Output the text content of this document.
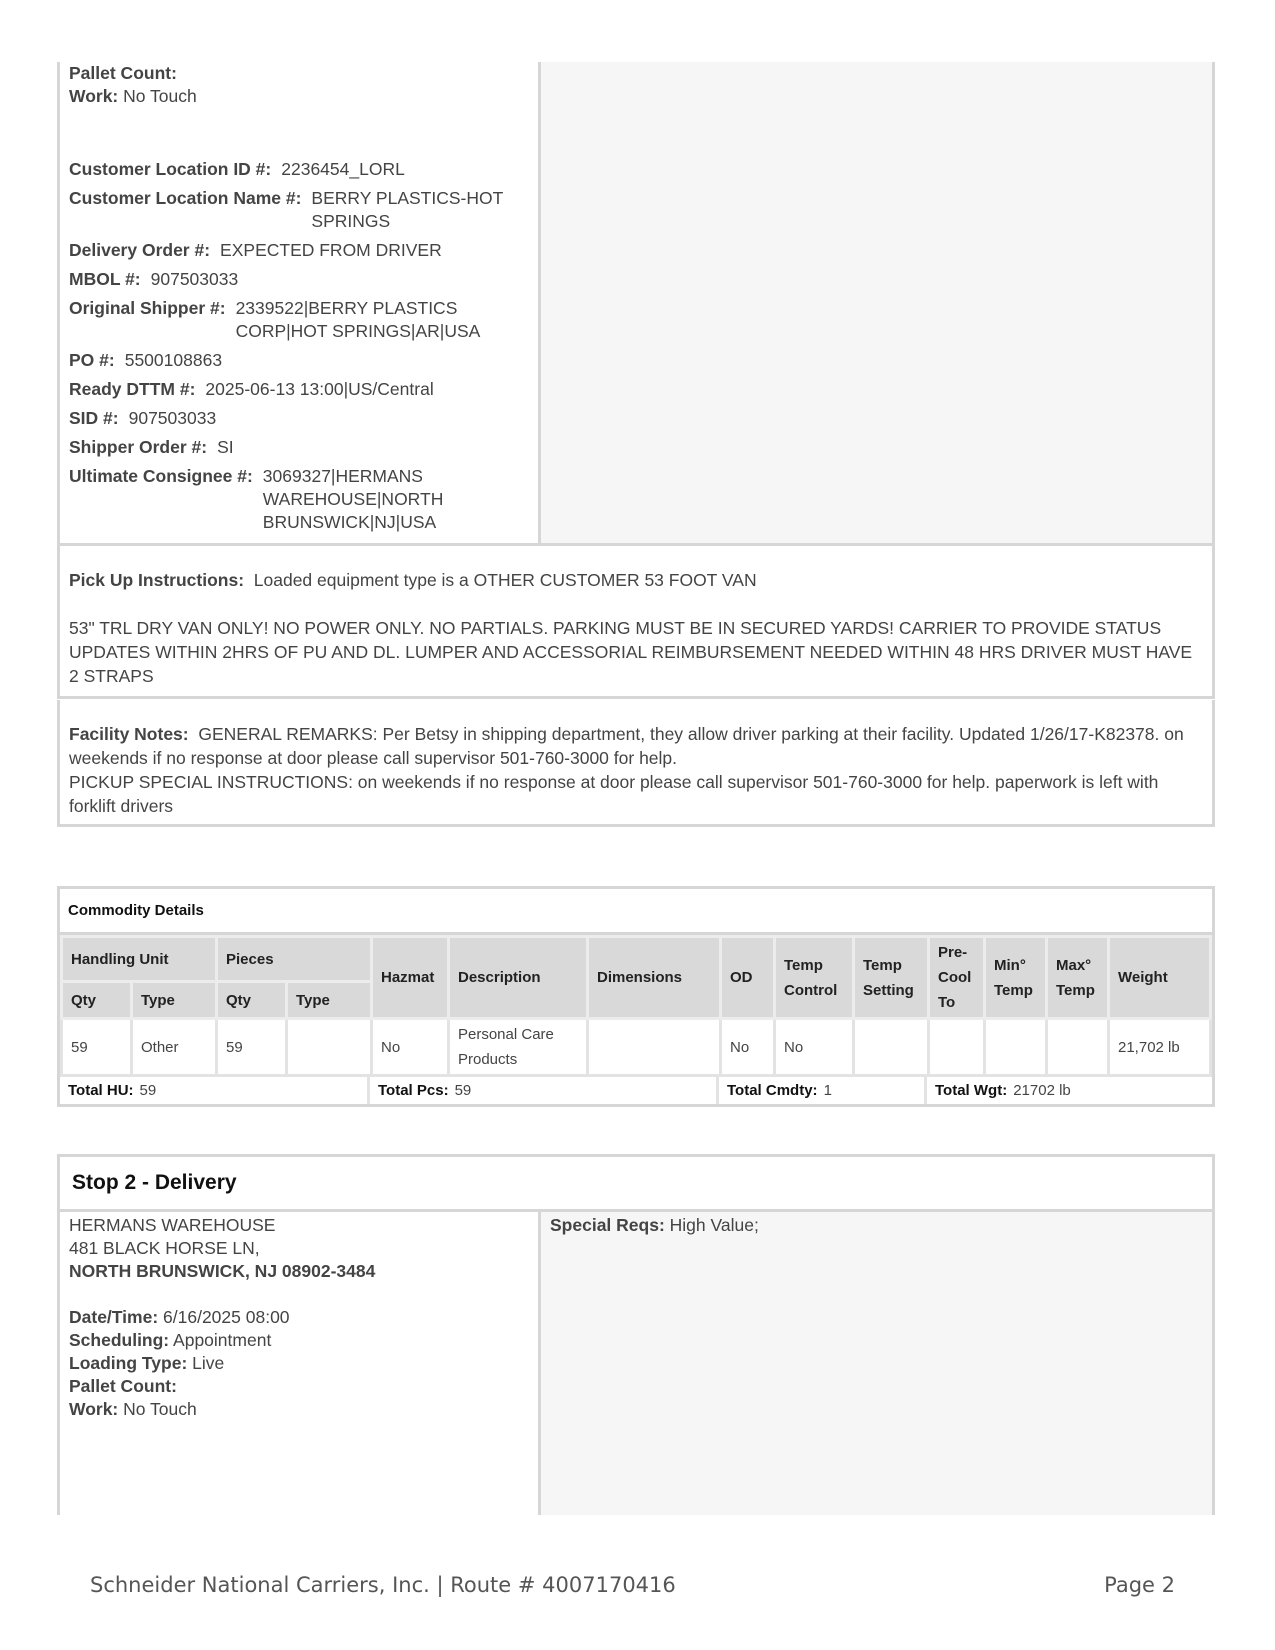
Pallet Count:
Work: No Touch
Customer Location ID #: 2236454_LORL
Customer Location Name #: BERRY PLASTICS-HOT SPRINGS
Delivery Order #: EXPECTED FROM DRIVER
MBOL #: 907503033
Original Shipper #: 2339522|BERRY PLASTICS CORP|HOT SPRINGS|AR|USA
PO #: 5500108863
Ready DTTM #: 2025-06-13 13:00|US/Central
SID #: 907503033
Shipper Order #: SI
Ultimate Consignee #: 3069327|HERMANS WAREHOUSE|NORTH BRUNSWICK|NJ|USA

Pick Up Instructions: Loaded equipment type is a OTHER CUSTOMER 53 FOOT VAN

53" TRL DRY VAN ONLY! NO POWER ONLY. NO PARTIALS. PARKING MUST BE IN SECURED YARDS! CARRIER TO PROVIDE STATUS UPDATES WITHIN 2HRS OF PU AND DL. LUMPER AND ACCESSORIAL REIMBURSEMENT NEEDED WITHIN 48 HRS DRIVER MUST HAVE 2 STRAPS

Facility Notes: GENERAL REMARKS: Per Betsy in shipping department, they allow driver parking at their facility. Updated 1/26/17-K82378. on weekends if no response at door please call supervisor 501-760-3000 for help.

PICKUP SPECIAL INSTRUCTIONS: on weekends if no response at door please call supervisor 501-760-3000 for help. paperwork is left with forklift drivers

Commodity Details
Handling Unit		Pieces		Hazmat	Description	Dimensions	OD	Temp Control	Temp Setting	Pre-Cool To	Min° Temp	Max° Temp	Weight
Qty	Type	Qty	Type										
59	Other	59		No	Personal Care Products		No	No					21,702 lb
Total HU: 59	Total Pcs: 59	Total Cmdty: 1	Total Wgt: 21702 lb
Stop 2 - Delivery
HERMANS WAREHOUSE
481 BLACK HORSE LN,
NORTH BRUNSWICK, NJ 08902-3484
Date/Time: 6/16/2025 08:00
Scheduling: Appointment
Loading Type: Live
Pallet Count:
Work: No Touch
Special Reqs: High Value;
Schneider National Carriers, Inc. | Route # 4007170416	Page 2
